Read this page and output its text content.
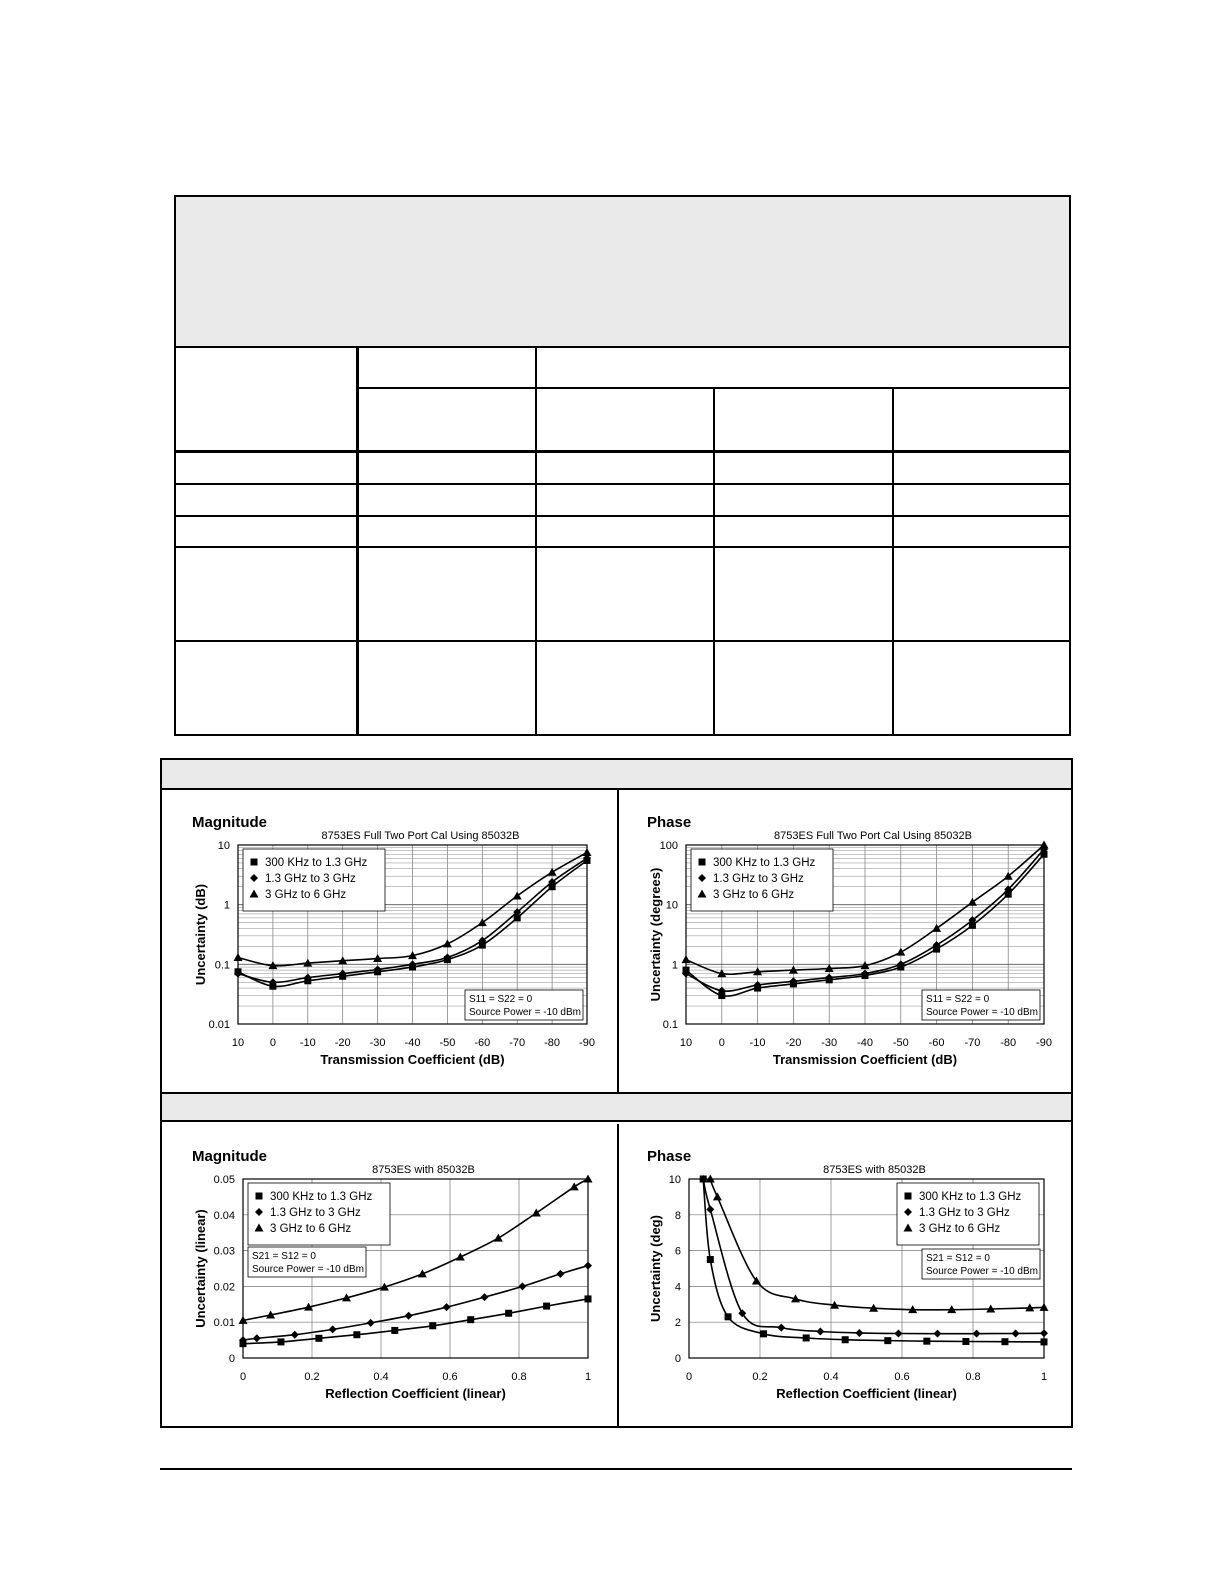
10 0 -10 -20 -30 -40 -50 -60 -70 -80 -90
0.01
0.1
1
10
Magnitude
8753ES Full Two Port Cal Using 85032B
Transmission Coefficient (dB)
Uncertainty (dB)
300 KHz to 1.3 GHz
1.3 GHz to 3 GHz
3 GHz to 6 GHz
S11 = S22 = 0
Source Power = -10 dBm
10 0 -10 -20 -30 -40 -50 -60 -70 -80 -90
0.1
1
10
100
Phase
8753ES Full Two Port Cal Using 85032B
Transmission Coefficient (dB)
Uncertainty (degrees)
300 KHz to 1.3 GHz
1.3 GHz to 3 GHz
3 GHz to 6 GHz
S11 = S22 = 0
Source Power = -10 dBm
0	0.2	0.4	0.6	0.8	1
0
0.01
0.02
0.03
0.04
0.05
Magnitude
8753ES with 85032B
Reflection Coefficient (linear)
Uncertainty (linear)
300 KHz to 1.3 GHz
1.3 GHz to 3 GHz
3 GHz to 6 GHz
S21 = S12 = 0
Source Power = -10 dBm
0	0.2	0.4	0.6	0.8	1
0
2
4
6
8
10
Phase
8753ES with 85032B
Reflection Coefficient (linear)
Uncertainty (deg)
300 KHz to 1.3 GHz
1.3 GHz to 3 GHz
3 GHz to 6 GHz
S21 = S12 = 0
Source Power = -10 dBm
